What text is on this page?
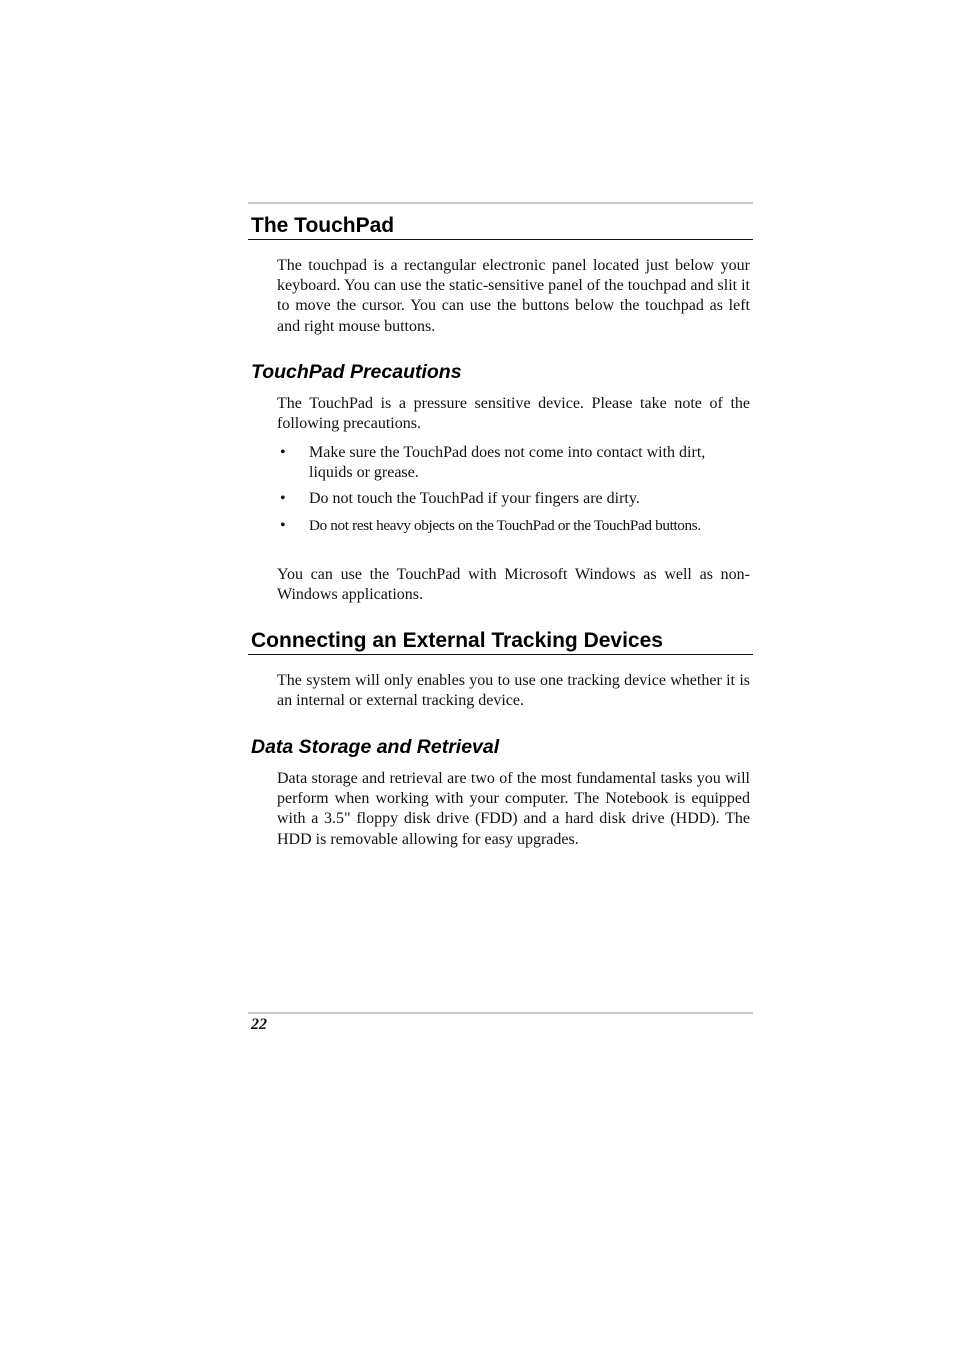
The TouchPad

The touchpad is a rectangular electronic panel located just below your keyboard. You can use the static-sensitive panel of the touchpad and slit it to move the cursor. You can use the buttons below the touchpad as left and right mouse buttons.

TouchPad Precautions

The TouchPad is a pressure sensitive device. Please take note of the following precautions.

• Make sure the TouchPad does not come into contact with dirt, liquids or grease.
• Do not touch the TouchPad if your fingers are dirty.
• Do not rest heavy objects on the TouchPad or the TouchPad buttons.

You can use the TouchPad with Microsoft Windows as well as non-Windows applications.

Connecting an External Tracking Devices

The system will only enables you to use one tracking device whether it is an internal or external tracking device.

Data Storage and Retrieval

Data storage and retrieval are two of the most fundamental tasks you will perform when working with your computer. The Notebook is equipped with a 3.5" floppy disk drive (FDD) and a hard disk drive (HDD). The HDD is removable allowing for easy upgrades.

22
